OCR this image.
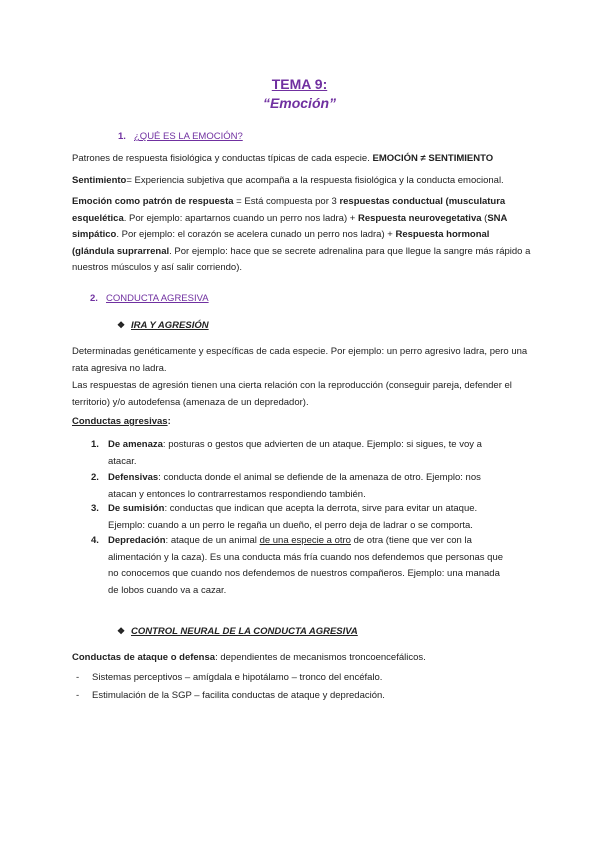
TEMA 9:
“Emoción”
1. ¿QUÉ ES LA EMOCIÓN?
Patrones de respuesta fisiológica y conductas típicas de cada especie. EMOCIÓN ≠ SENTIMIENTO
Sentimiento= Experiencia subjetiva que acompaña a la respuesta fisiológica y la conducta emocional.
Emoción como patrón de respuesta = Está compuesta por 3 respuestas conductual (musculatura esquelética. Por ejemplo: apartarnos cuando un perro nos ladra) + Respuesta neurovegetativa (SNA simpático. Por ejemplo: el corazón se acelera cunado un perro nos ladra) + Respuesta hormonal (glándula suprarrenal. Por ejemplo: hace que se secrete adrenalina para que llegue la sangre más rápido a nuestros músculos y así salir corriendo).
2. CONDUCTA AGRESIVA
❖ IRA Y AGRESIÓN
Determinadas genéticamente y específicas de cada especie. Por ejemplo: un perro agresivo ladra, pero una rata agresiva no ladra.
Las respuestas de agresión tienen una cierta relación con la reproducción (conseguir pareja, defender el territorio) y/o autodefensa (amenaza de un depredador).
Conductas agresivas:
1. De amenaza: posturas o gestos que advierten de un ataque. Ejemplo: si sigues, te voy a atacar.
2. Defensivas: conducta donde el animal se defiende de la amenaza de otro. Ejemplo: nos atacan y entonces lo contrarrestamos respondiendo también.
3. De sumisión: conductas que indican que acepta la derrota, sirve para evitar un ataque. Ejemplo: cuando a un perro le regaña un dueño, el perro deja de ladrar o se comporta.
4. Depredación: ataque de un animal de una especie a otro de otra (tiene que ver con la alimentación y la caza). Es una conducta más fría cuando nos defendemos que personas que no conocemos que cuando nos defendemos de nuestros compañeros. Ejemplo: una manada de lobos cuando va a cazar.
❖ CONTROL NEURAL DE LA CONDUCTA AGRESIVA
Conductas de ataque o defensa: dependientes de mecanismos troncoencefálicos.
- Sistemas perceptivos – amígdala e hipotálamo – tronco del encéfalo.
- Estimulación de la SGP – facilita conductas de ataque y depredación.
